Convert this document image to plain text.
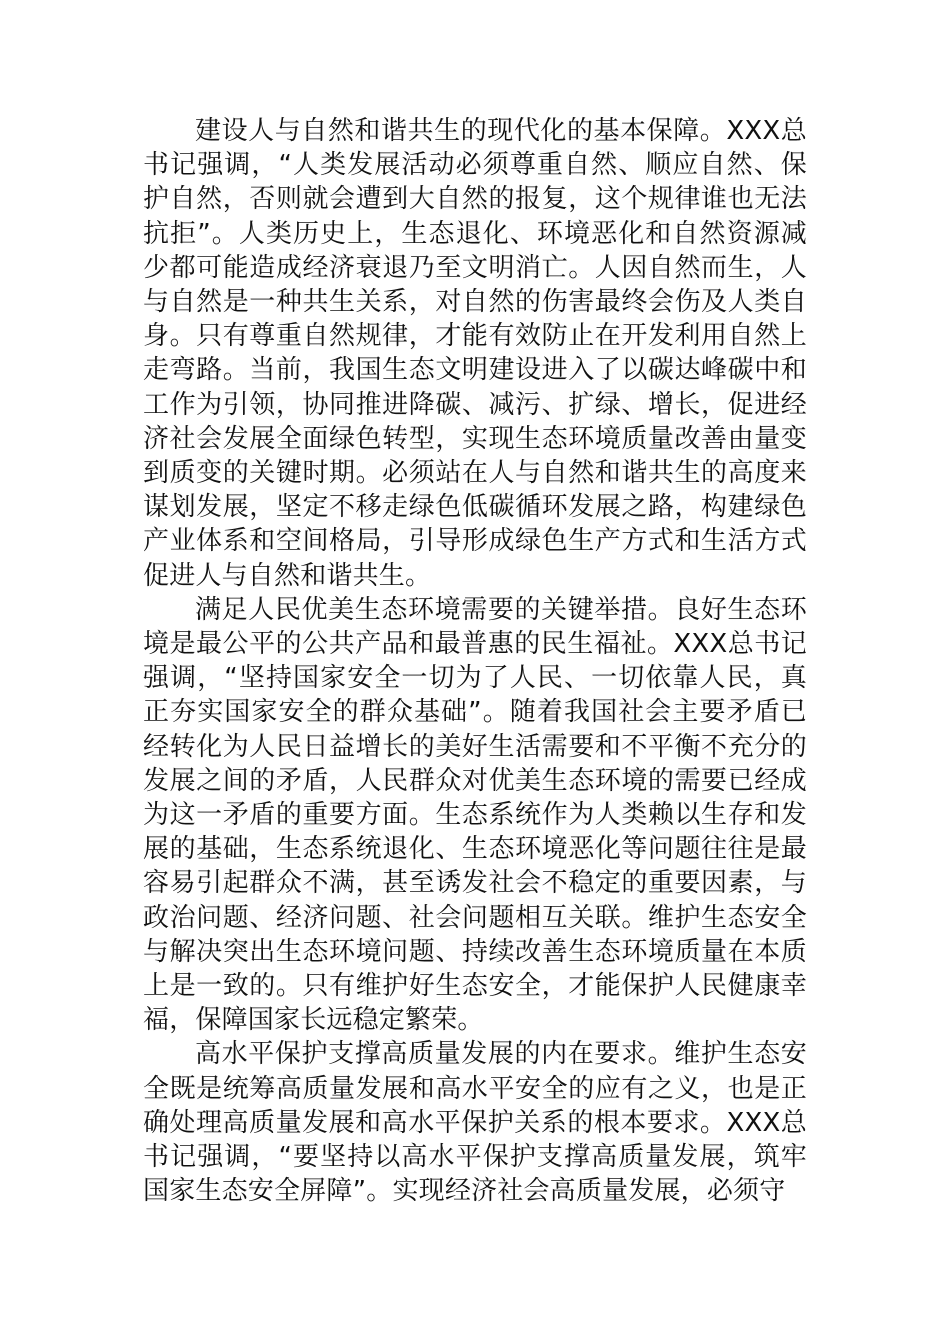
建设人与自然和谐共生的现代化的基本保障。XXX总书记强调，“人类发展活动必须尊重自然、顺应自然、保护自然，否则就会遭到大自然的报复，这个规律谁也无法抗拒”。人类历史上，生态退化、环境恶化和自然资源减少都可能造成经济衰退乃至文明消亡。人因自然而生，人与自然是一种共生关系，对自然的伤害最终会伤及人类自身。只有尊重自然规律，才能有效防止在开发利用自然上走弯路。当前，我国生态文明建设进入了以碳达峰碳中和工作为引领，协同推进降碳、减污、扩绿、增长，促进经济社会发展全面绿色转型，实现生态环境质量改善由量变到质变的关键时期。必须站在人与自然和谐共生的高度来谋划发展，坚定不移走绿色低碳循环发展之路，构建绿色产业体系和空间格局，引导形成绿色生产方式和生活方式促进人与自然和谐共生。

满足人民优美生态环境需要的关键举措。良好生态环境是最公平的公共产品和最普惠的民生福祉。XXX总书记强调，“坚持国家安全一切为了人民、一切依靠人民，真正夯实国家安全的群众基础”。随着我国社会主要矛盾已经转化为人民日益增长的美好生活需要和不平衡不充分的发展之间的矛盾，人民群众对优美生态环境的需要已经成为这一矛盾的重要方面。生态系统作为人类赖以生存和发展的基础，生态系统退化、生态环境恶化等问题往往是最容易引起群众不满，甚至诱发社会不稳定的重要因素，与政治问题、经济问题、社会问题相互关联。维护生态安全与解决突出生态环境问题、持续改善生态环境质量在本质上是一致的。只有维护好生态安全，才能保护人民健康幸福，保障国家长远稳定繁荣。

高水平保护支撑高质量发展的内在要求。维护生态安全既是统筹高质量发展和高水平安全的应有之义，也是正确处理高质量发展和高水平保护关系的根本要求。XXX总书记强调，“要坚持以高水平保护支撑高质量发展，筑牢国家生态安全屏障”。实现经济社会高质量发展，必须守
